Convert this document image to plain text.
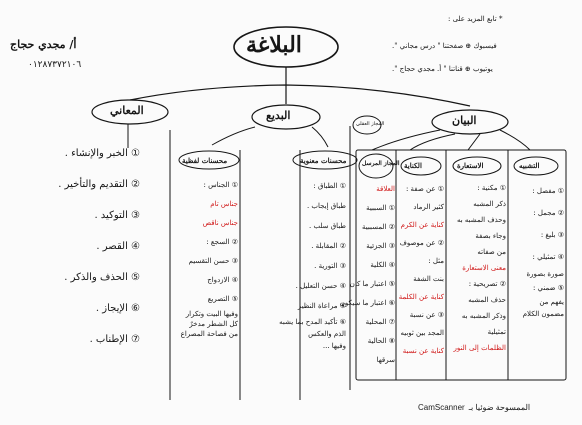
أ/ مجدي حجاج
٠١٢٨٧٣٧٢١٠٦
البلاغة
* تابع المزيد على :
فيسبوك ⊕ صفحتنا " درس مجاني ".
يوتيوب ⊕ قناتنا " أ. مجدي حجاج ".
المعاني	البديع	البيان
① الخبر والإنشاء .
② التقديم والتأخير .
③ التوكيد .
④ القصر .
⑤ الحذف والذكر .
⑥ الإيجاز .
⑦ الإطناب .
محسنات لفظية
① الجناس :
جناس تام
جناس ناقص
② السجع :
③ حسن التقسيم
④ الازدواج
⑤ التصريع
وفيها البيت وتكرار
كل الشطر مدخرٌ
من فصاحة المصراع
محسنات معنوية
① الطباق :
طباق إيجاب .
طباق سلب .
② المقابلة .
③ التورية .
④ حسن التعليل .
⑤ مراعاة النظير
⑥ تأكيد المدح بما يشبه
الذم والعكس
وفيها ...
المجاز العقلي
التشبيه
الاستعارة
الكناية
المجاز المرسل
① مفصل :
② مجمل :
③ بليغ :
④ تمثيلي :
صورة بصورة
⑤ ضمني :
يفهم من
مضمون الكلام
① مكنية :
ذكر المشبه
وحذف المشبه به
وجاء بصفة
من صفاته
معنى الاستعارة
② تصريحية :
حذف المشبه
وذكر المشبه به
تمثيلية
الظلمات إلى النور
① عن صفة :
كثير الرماد
كناية عن الكرم
② عن موصوف
مثل :
بنت الشفة
كناية عن الكلمة
③ عن نسبة
المجد بين ثوبيه
كناية عن نسبة
العلاقة
① السببية
② المسببية
③ الجزئية
④ الكلية
⑤ اعتبار ما كان
⑥ اعتبار ما سيكون
⑦ المحلية
⑧ الحالية
سرقها
الممسوحة ضوئيا بـ
CamScanner
